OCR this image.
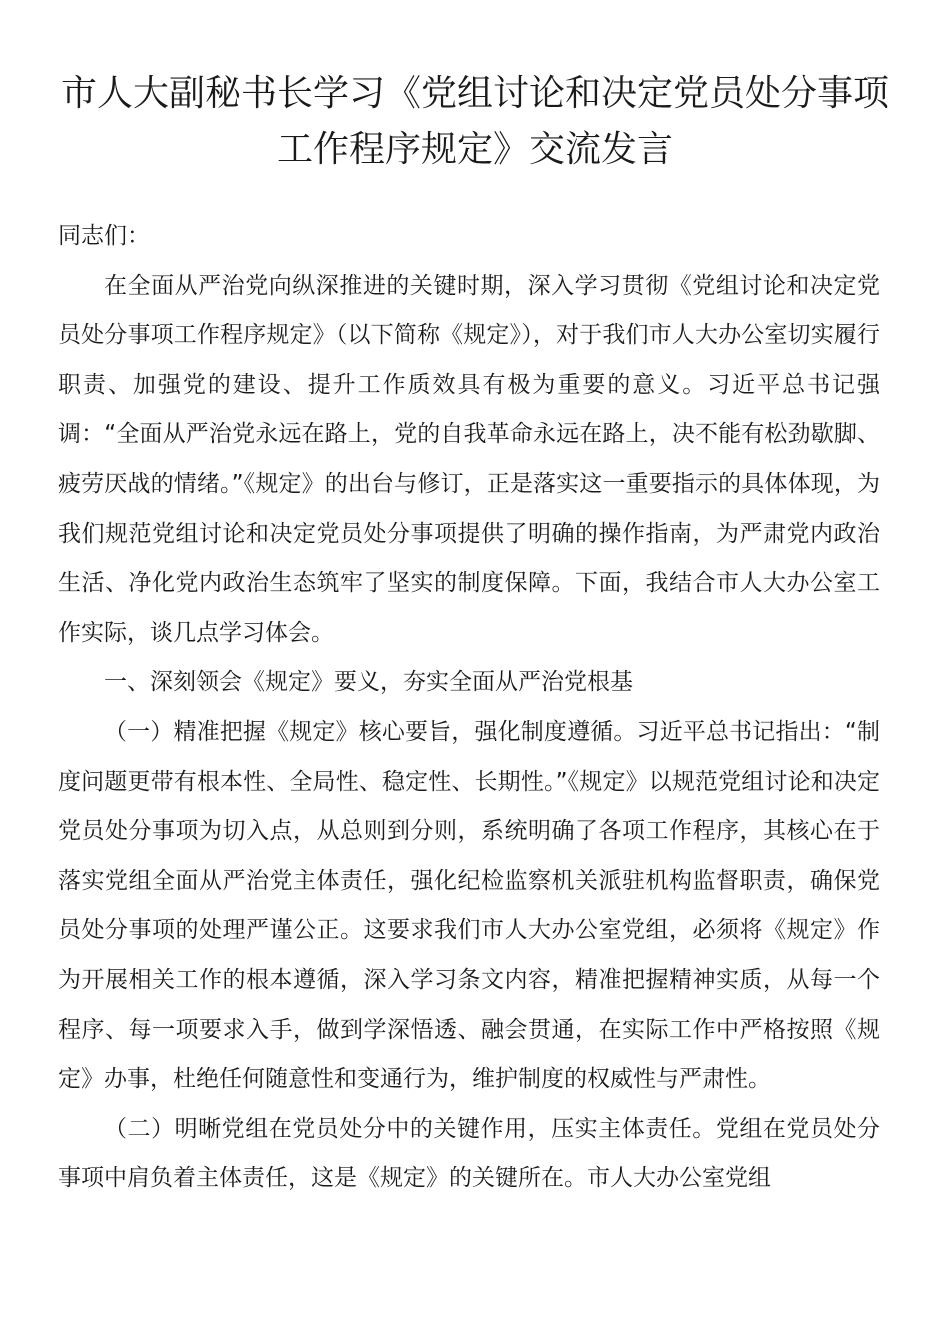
市人大副秘书长学习《党组讨论和决定党员处分事项
工作程序规定》交流发言

同志们：

在全面从严治党向纵深推进的关键时期，深入学习贯彻《党组讨论和决定党员处分事项工作程序规定》（以下简称《规定》），对于我们市人大办公室切实履行职责、加强党的建设、提升工作质效具有极为重要的意义。习近平总书记强调：“全面从严治党永远在路上，党的自我革命永远在路上，决不能有松劲歇脚、疲劳厌战的情绪。”《规定》的出台与修订，正是落实这一重要指示的具体体现，为我们规范党组讨论和决定党员处分事项提供了明确的操作指南，为严肃党内政治生活、净化党内政治生态筑牢了坚实的制度保障。下面，我结合市人大办公室工作实际，谈几点学习体会。

一、深刻领会《规定》要义，夯实全面从严治党根基

（一）精准把握《规定》核心要旨，强化制度遵循。习近平总书记指出：“制度问题更带有根本性、全局性、稳定性、长期性。”《规定》以规范党组讨论和决定党员处分事项为切入点，从总则到分则，系统明确了各项工作程序，其核心在于落实党组全面从严治党主体责任，强化纪检监察机关派驻机构监督职责，确保党员处分事项的处理严谨公正。这要求我们市人大办公室党组，必须将《规定》作为开展相关工作的根本遵循，深入学习条文内容，精准把握精神实质，从每一个程序、每一项要求入手，做到学深悟透、融会贯通，在实际工作中严格按照《规定》办事，杜绝任何随意性和变通行为，维护制度的权威性与严肃性。

（二）明晰党组在党员处分中的关键作用，压实主体责任。党组在党员处分事项中肩负着主体责任，这是《规定》的关键所在。市人大办公室党组
